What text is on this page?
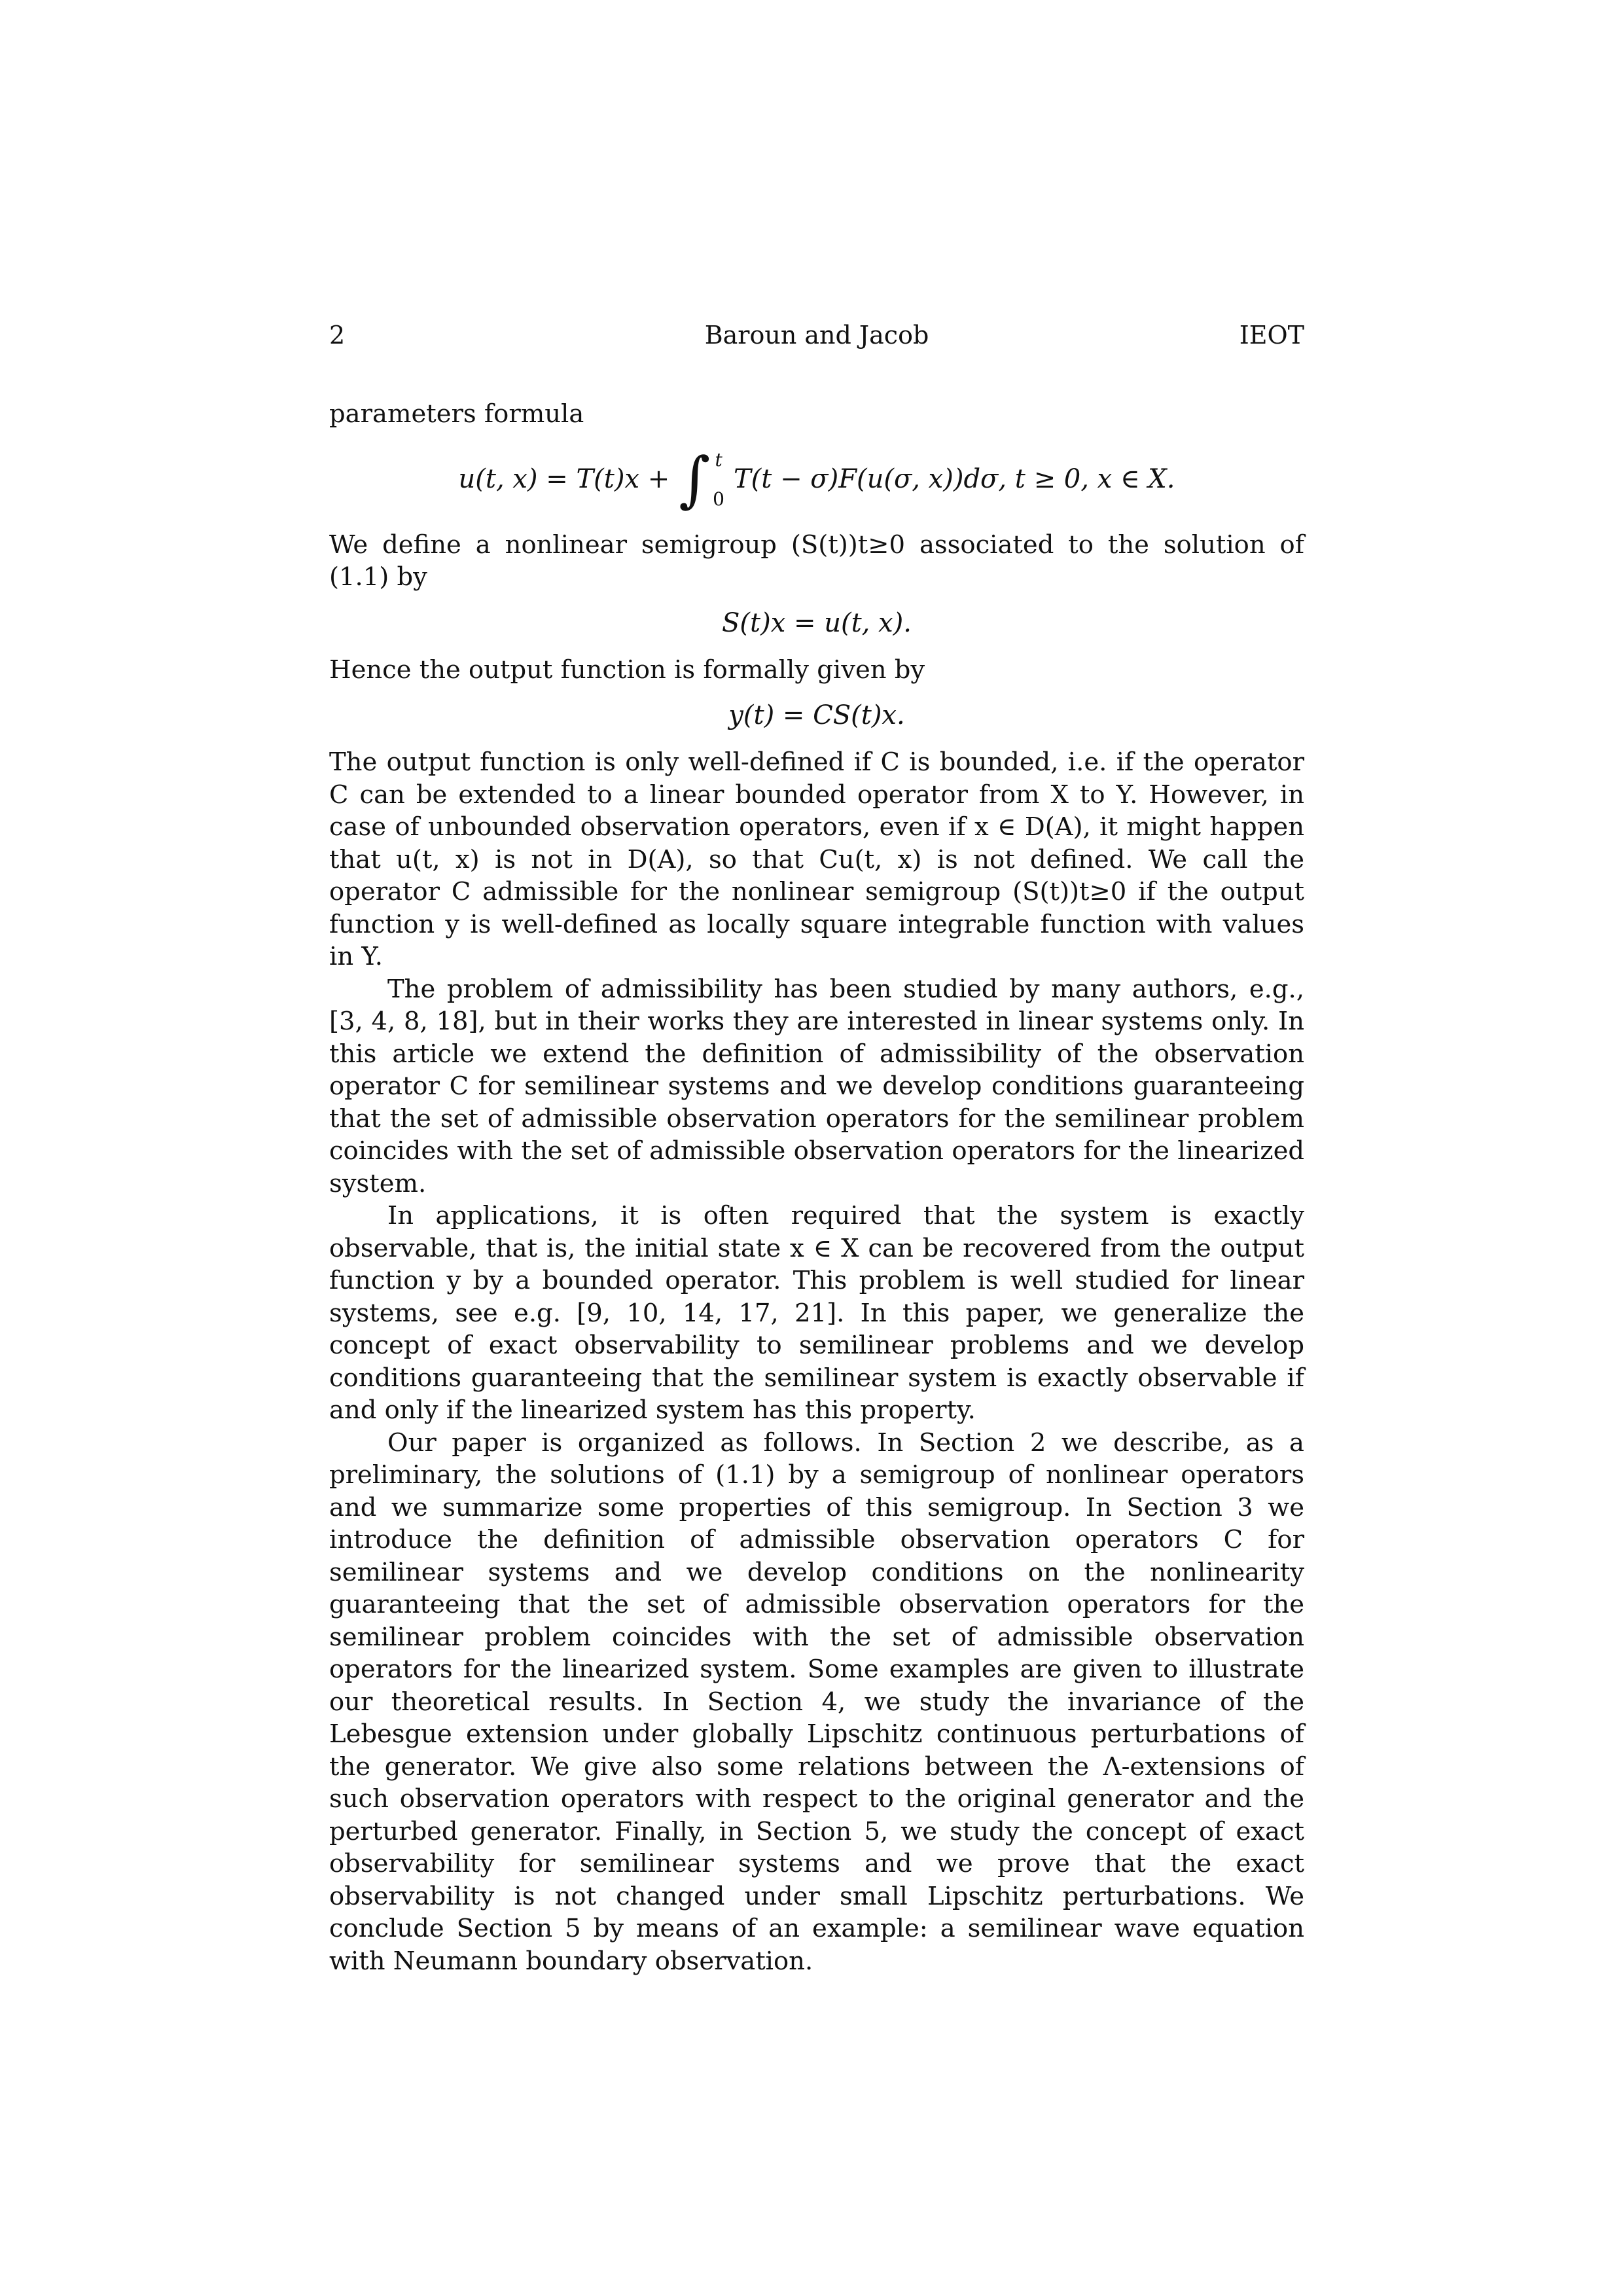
2	Baroun and Jacob	IEOT

parameters formula

u(t, x) = T(t)x + ∫ t
0
T(t − σ)F(u(σ, x))dσ, t ≥ 0, x ∈ X.

We define a nonlinear semigroup (S(t))t≥0 associated to the solution of (1.1) by

S(t)x = u(t, x).

Hence the output function is formally given by

y(t) = CS(t)x.

The output function is only well-defined if C is bounded, i.e. if the operator C can be extended to a linear bounded operator from X to Y. However, in case of unbounded observation operators, even if x ∈ D(A), it might happen that u(t, x) is not in D(A), so that Cu(t, x) is not defined. We call the operator C admissible for the nonlinear semigroup (S(t))t≥0 if the output function y is well-defined as locally square integrable function with values in Y.

The problem of admissibility has been studied by many authors, e.g., [3, 4, 8, 18], but in their works they are interested in linear systems only. In this article we extend the definition of admissibility of the observation operator C for semilinear systems and we develop conditions guaranteeing that the set of admissible observation operators for the semilinear problem coincides with the set of admissible observation operators for the linearized system.

In applications, it is often required that the system is exactly observable, that is, the initial state x ∈ X can be recovered from the output function y by a bounded operator. This problem is well studied for linear systems, see e.g. [9, 10, 14, 17, 21]. In this paper, we generalize the concept of exact observability to semilinear problems and we develop conditions guaranteeing that the semilinear system is exactly observable if and only if the linearized system has this property.

Our paper is organized as follows. In Section 2 we describe, as a preliminary, the solutions of (1.1) by a semigroup of nonlinear operators and we summarize some properties of this semigroup. In Section 3 we introduce the definition of admissible observation operators C for semilinear systems and we develop conditions on the nonlinearity guaranteeing that the set of admissible observation operators for the semilinear problem coincides with the set of admissible observation operators for the linearized system. Some examples are given to illustrate our theoretical results. In Section 4, we study the invariance of the Lebesgue extension under globally Lipschitz continuous perturbations of the generator. We give also some relations between the Λ-extensions of such observation operators with respect to the original generator and the perturbed generator. Finally, in Section 5, we study the concept of exact observability for semilinear systems and we prove that the exact observability is not changed under small Lipschitz perturbations. We conclude Section 5 by means of an example: a semilinear wave equation with Neumann boundary observation.
